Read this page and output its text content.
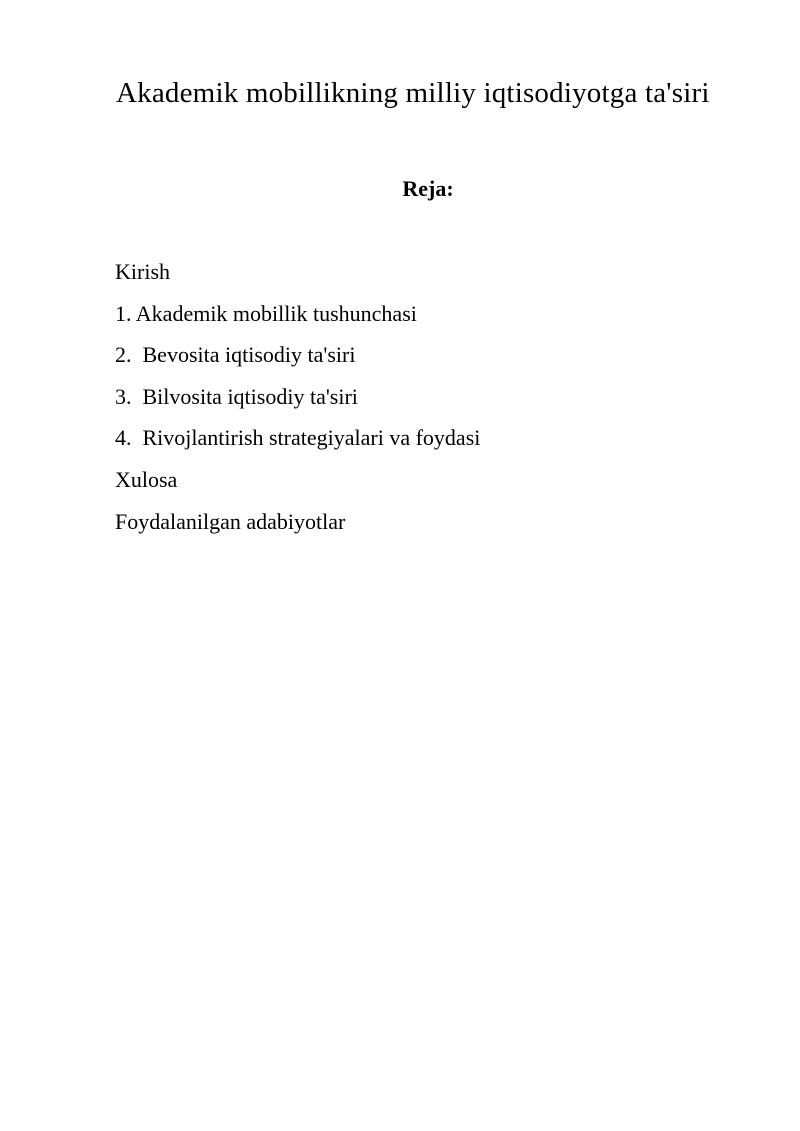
Akademik mobillikning milliy iqtisodiyotga ta'siri
Reja:
Kirish
1. Akademik mobillik tushunchasi
2.  Bevosita iqtisodiy ta'siri
3.  Bilvosita iqtisodiy ta'siri
4.  Rivojlantirish strategiyalari va foydasi
Xulosa
Foydalanilgan adabiyotlar
